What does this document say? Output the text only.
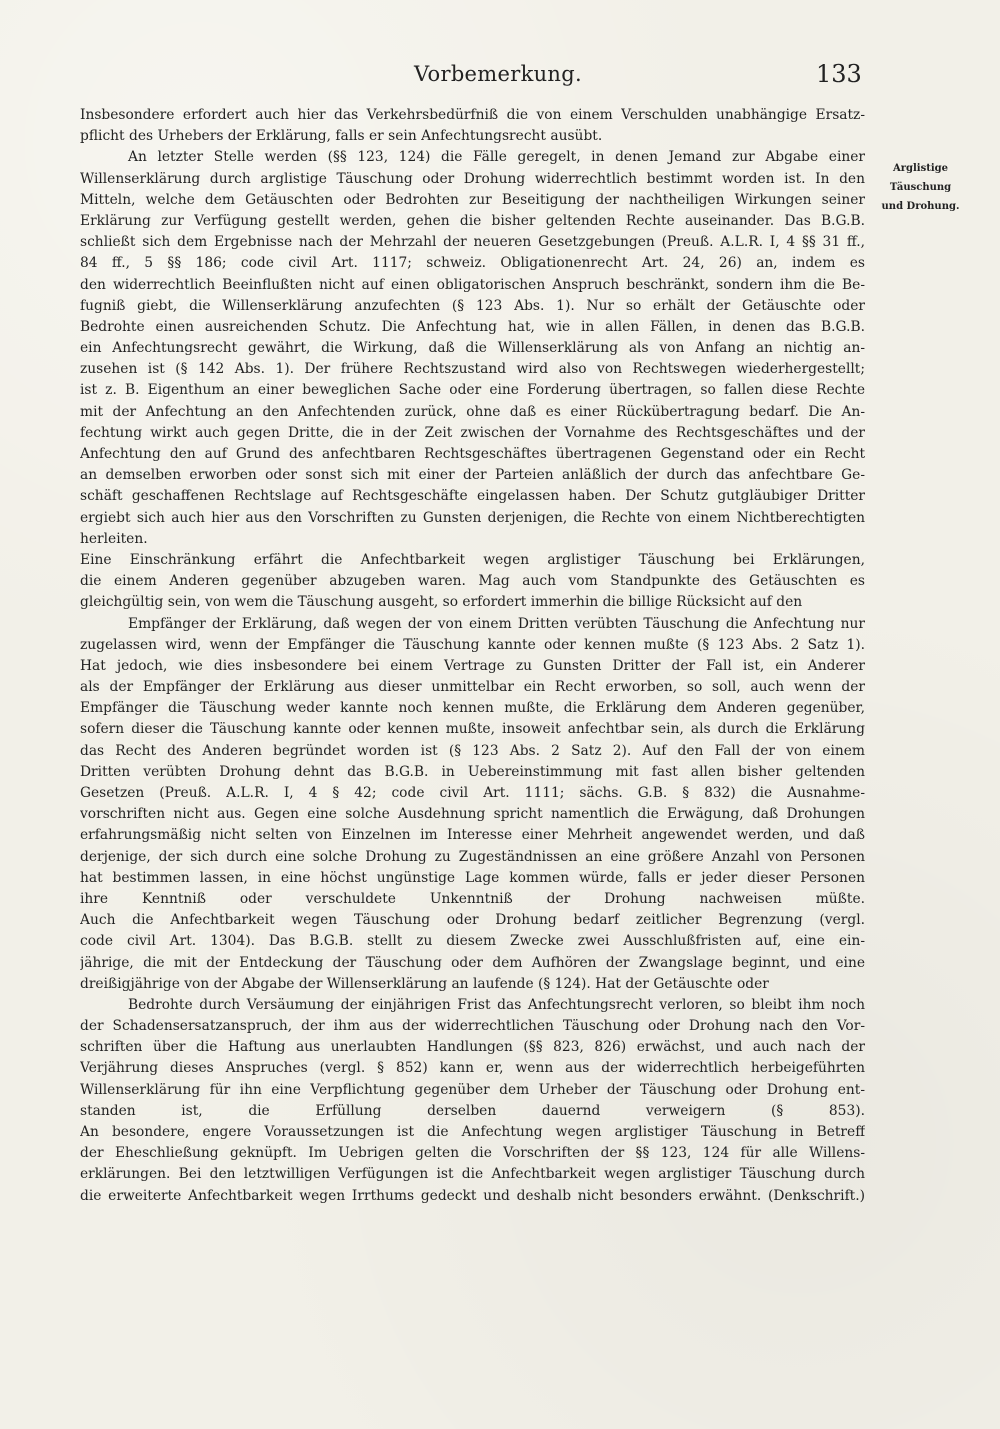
Vorbemerkung.	133
Arglistige
Täuschung
und Drohung.
Insbesondere erfordert auch hier das Verkehrsbedürfniß die von einem Verschulden unabhängige Ersatz-
pflicht des Urhebers der Erklärung, falls er sein Anfechtungsrecht ausübt.
An letzter Stelle werden (§§ 123, 124) die Fälle geregelt, in denen Jemand zur Abgabe einer
Willenserklärung durch arglistige Täuschung oder Drohung widerrechtlich bestimmt worden ist. In den
Mitteln, welche dem Getäuschten oder Bedrohten zur Beseitigung der nachtheiligen Wirkungen seiner
Erklärung zur Verfügung gestellt werden, gehen die bisher geltenden Rechte auseinander. Das B.G.B.
schließt sich dem Ergebnisse nach der Mehrzahl der neueren Gesetzgebungen (Preuß. A.L.R. I, 4 §§ 31 ff.,
84 ff., 5 §§ 186; code civil Art. 1117; schweiz. Obligationenrecht Art. 24, 26) an, indem es
den widerrechtlich Beeinflußten nicht auf einen obligatorischen Anspruch beschränkt, sondern ihm die Be-
fugniß giebt, die Willenserklärung anzufechten (§ 123 Abs. 1). Nur so erhält der Getäuschte oder
Bedrohte einen ausreichenden Schutz. Die Anfechtung hat, wie in allen Fällen, in denen das B.G.B.
ein Anfechtungsrecht gewährt, die Wirkung, daß die Willenserklärung als von Anfang an nichtig an-
zusehen ist (§ 142 Abs. 1). Der frühere Rechtszustand wird also von Rechtswegen wiederhergestellt;
ist z. B. Eigenthum an einer beweglichen Sache oder eine Forderung übertragen, so fallen diese Rechte
mit der Anfechtung an den Anfechtenden zurück, ohne daß es einer Rückübertragung bedarf. Die An-
fechtung wirkt auch gegen Dritte, die in der Zeit zwischen der Vornahme des Rechtsgeschäftes und der
Anfechtung den auf Grund des anfechtbaren Rechtsgeschäftes übertragenen Gegenstand oder ein Recht
an demselben erworben oder sonst sich mit einer der Parteien anläßlich der durch das anfechtbare Ge-
schäft geschaffenen Rechtslage auf Rechtsgeschäfte eingelassen haben. Der Schutz gutgläubiger Dritter
ergiebt sich auch hier aus den Vorschriften zu Gunsten derjenigen, die Rechte von einem Nichtberechtigten
herleiten.
Eine Einschränkung erfährt die Anfechtbarkeit wegen arglistiger Täuschung bei Erklärungen,
die einem Anderen gegenüber abzugeben waren. Mag auch vom Standpunkte des Getäuschten es
gleichgültig sein, von wem die Täuschung ausgeht, so erfordert immerhin die billige Rücksicht auf den
Empfänger der Erklärung, daß wegen der von einem Dritten verübten Täuschung die Anfechtung nur
zugelassen wird, wenn der Empfänger die Täuschung kannte oder kennen mußte (§ 123 Abs. 2 Satz 1).
Hat jedoch, wie dies insbesondere bei einem Vertrage zu Gunsten Dritter der Fall ist, ein Anderer
als der Empfänger der Erklärung aus dieser unmittelbar ein Recht erworben, so soll, auch wenn der
Empfänger die Täuschung weder kannte noch kennen mußte, die Erklärung dem Anderen gegenüber,
sofern dieser die Täuschung kannte oder kennen mußte, insoweit anfechtbar sein, als durch die Erklärung
das Recht des Anderen begründet worden ist (§ 123 Abs. 2 Satz 2). Auf den Fall der von einem
Dritten verübten Drohung dehnt das B.G.B. in Uebereinstimmung mit fast allen bisher geltenden
Gesetzen (Preuß. A.L.R. I, 4 § 42; code civil Art. 1111; sächs. G.B. § 832) die Ausnahme-
vorschriften nicht aus. Gegen eine solche Ausdehnung spricht namentlich die Erwägung, daß Drohungen
erfahrungsmäßig nicht selten von Einzelnen im Interesse einer Mehrheit angewendet werden, und daß
derjenige, der sich durch eine solche Drohung zu Zugeständnissen an eine größere Anzahl von Personen
hat bestimmen lassen, in eine höchst ungünstige Lage kommen würde, falls er jeder dieser Personen
ihre Kenntniß oder verschuldete Unkenntniß der Drohung nachweisen müßte.
Auch die Anfechtbarkeit wegen Täuschung oder Drohung bedarf zeitlicher Begrenzung (vergl.
code civil Art. 1304). Das B.G.B. stellt zu diesem Zwecke zwei Ausschlußfristen auf, eine ein-
jährige, die mit der Entdeckung der Täuschung oder dem Aufhören der Zwangslage beginnt, und eine
dreißigjährige von der Abgabe der Willenserklärung an laufende (§ 124). Hat der Getäuschte oder
Bedrohte durch Versäumung der einjährigen Frist das Anfechtungsrecht verloren, so bleibt ihm noch
der Schadensersatzanspruch, der ihm aus der widerrechtlichen Täuschung oder Drohung nach den Vor-
schriften über die Haftung aus unerlaubten Handlungen (§§ 823, 826) erwächst, und auch nach der
Verjährung dieses Anspruches (vergl. § 852) kann er, wenn aus der widerrechtlich herbeigeführten
Willenserklärung für ihn eine Verpflichtung gegenüber dem Urheber der Täuschung oder Drohung ent-
standen ist, die Erfüllung derselben dauernd verweigern (§ 853).
An besondere, engere Voraussetzungen ist die Anfechtung wegen arglistiger Täuschung in Betreff
der Eheschließung geknüpft. Im Uebrigen gelten die Vorschriften der §§ 123, 124 für alle Willens-
erklärungen. Bei den letztwilligen Verfügungen ist die Anfechtbarkeit wegen arglistiger Täuschung durch
die erweiterte Anfechtbarkeit wegen Irrthums gedeckt und deshalb nicht besonders erwähnt. (Denkschrift.)
